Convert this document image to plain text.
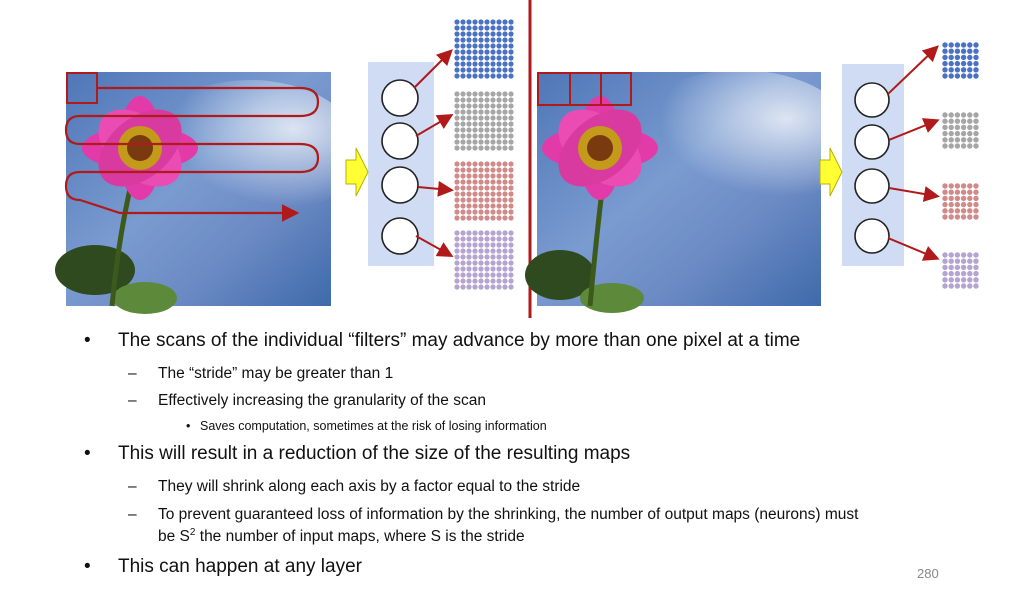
• The scans of the individual “filters” may advance by more than one pixel at a time
– The “stride” may be greater than 1
– Effectively increasing the granularity of the scan
• Saves computation, sometimes at the risk of losing information
• This will result in a reduction of the size of the resulting maps
– They will shrink along each axis by a factor equal to the stride
– To prevent guaranteed loss of information by the shrinking, the number of output maps (neurons) must
be $S^2$ the number of input maps, where S is the stride
• This can happen at any layer	280
